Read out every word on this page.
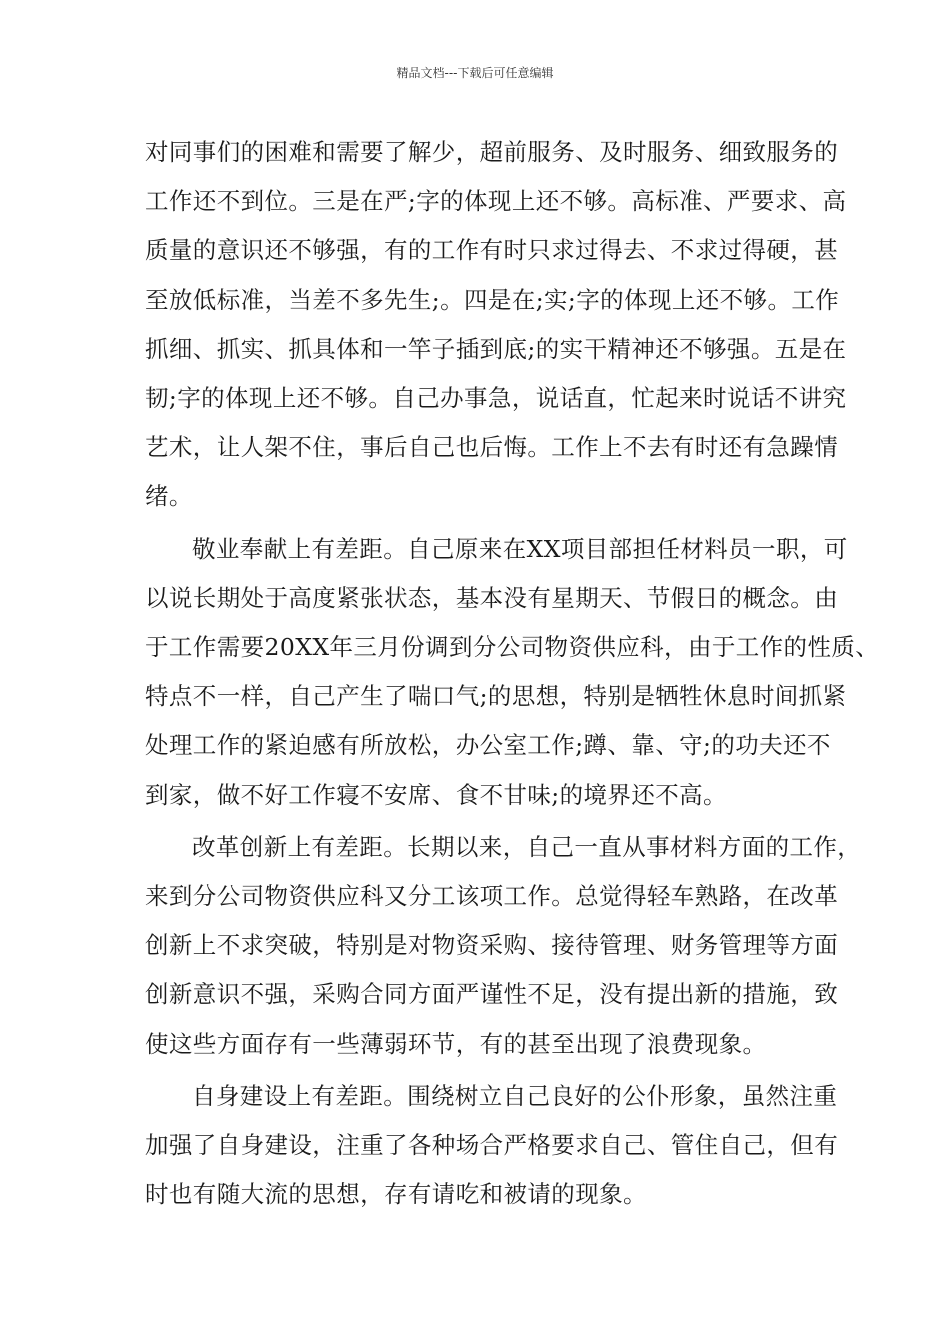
精品文档---下载后可任意编辑

对同事们的困难和需要了解少，超前服务、及时服务、细致服务的
工作还不到位。三是在严;字的体现上还不够。高标准、严要求、高
质量的意识还不够强，有的工作有时只求过得去、不求过得硬，甚
至放低标准，当差不多先生;。四是在;实;字的体现上还不够。工作
抓细、抓实、抓具体和一竿子插到底;的实干精神还不够强。五是在
韧;字的体现上还不够。自己办事急，说话直，忙起来时说话不讲究
艺术，让人架不住，事后自己也后悔。工作上不去有时还有急躁情
绪。

敬业奉献上有差距。自己原来在XX项目部担任材料员一职，可
以说长期处于高度紧张状态，基本没有星期天、节假日的概念。由
于工作需要20XX年三月份调到分公司物资供应科，由于工作的性质、
特点不一样，自己产生了喘口气;的思想，特别是牺牲休息时间抓紧
处理工作的紧迫感有所放松，办公室工作;蹲、靠、守;的功夫还不
到家，做不好工作寝不安席、食不甘味;的境界还不高。

改革创新上有差距。长期以来，自己一直从事材料方面的工作，
来到分公司物资供应科又分工该项工作。总觉得轻车熟路，在改革
创新上不求突破，特别是对物资采购、接待管理、财务管理等方面
创新意识不强，采购合同方面严谨性不足，没有提出新的措施，致
使这些方面存有一些薄弱环节，有的甚至出现了浪费现象。

自身建设上有差距。围绕树立自己良好的公仆形象，虽然注重
加强了自身建设，注重了各种场合严格要求自己、管住自己，但有
时也有随大流的思想，存有请吃和被请的现象。
